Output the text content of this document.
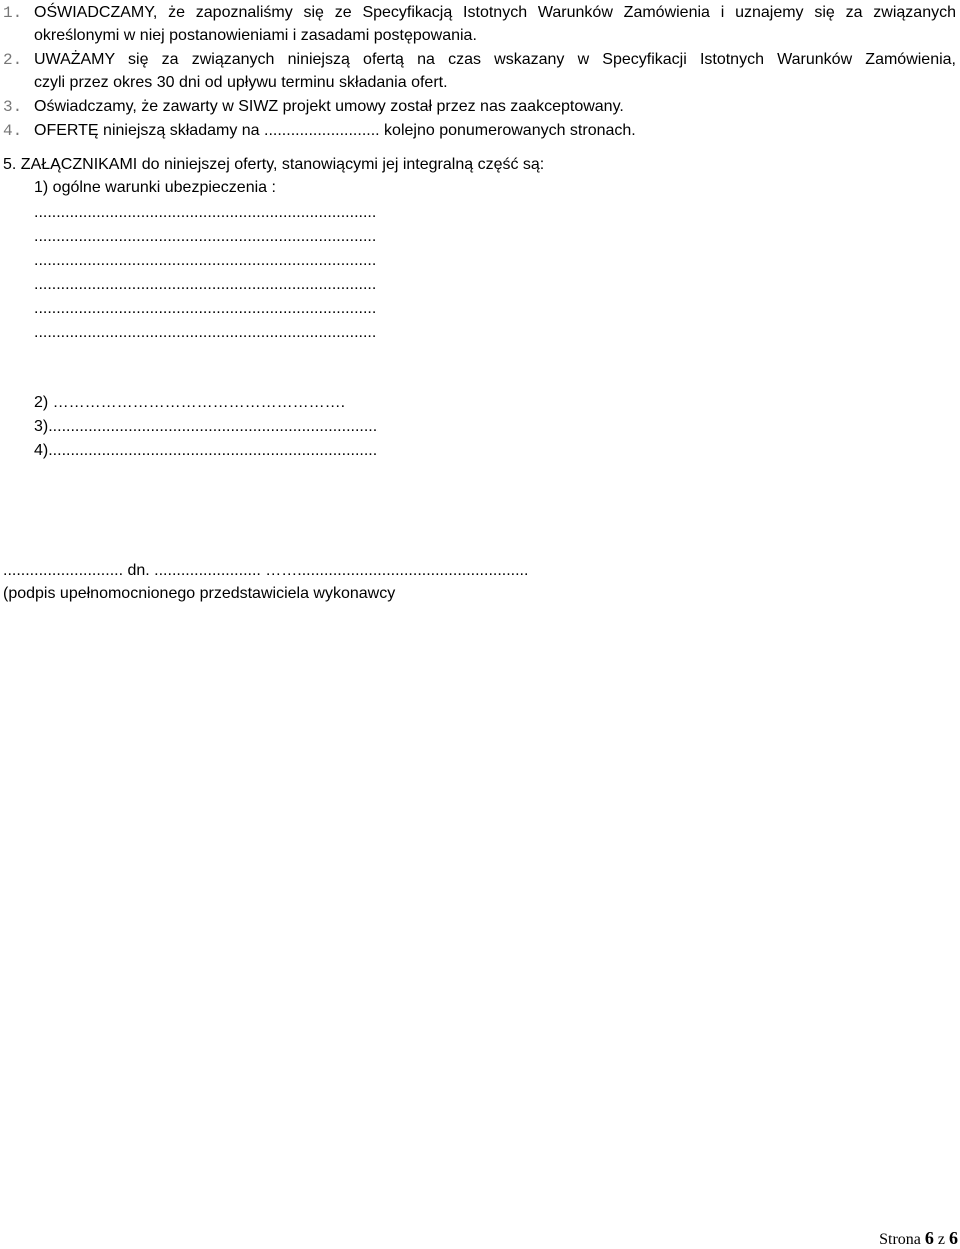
1. OŚWIADCZAMY, że zapoznaliśmy się ze Specyfikacją Istotnych Warunków Zamówienia i uznajemy się za związanych
określonymi w niej postanowieniami i zasadami postępowania.
2. UWAŻAMY się za związanych niniejszą ofertą na czas wskazany w Specyfikacji Istotnych Warunków Zamówienia,
czyli przez okres 30 dni od upływu terminu składania ofert.
3. Oświadczamy, że zawarty w SIWZ projekt umowy został przez nas zaakceptowany.
4. OFERTĘ niniejszą składamy na .......................... kolejno ponumerowanych stronach.
5. ZAŁĄCZNIKAMI do niniejszej oferty, stanowiącymi jej integralną część są:
1) ogólne warunki ubezpieczenia :
.............................................................................
.............................................................................
.............................................................................
.............................................................................
.............................................................................
.............................................................................
2) ……………………………………………….
3)..........................................................................
4)..........................................................................
........................... dn. ........................ ……....................................................
(podpis upełnomocnionego przedstawiciela wykonawcy
Strona 6 z 6
